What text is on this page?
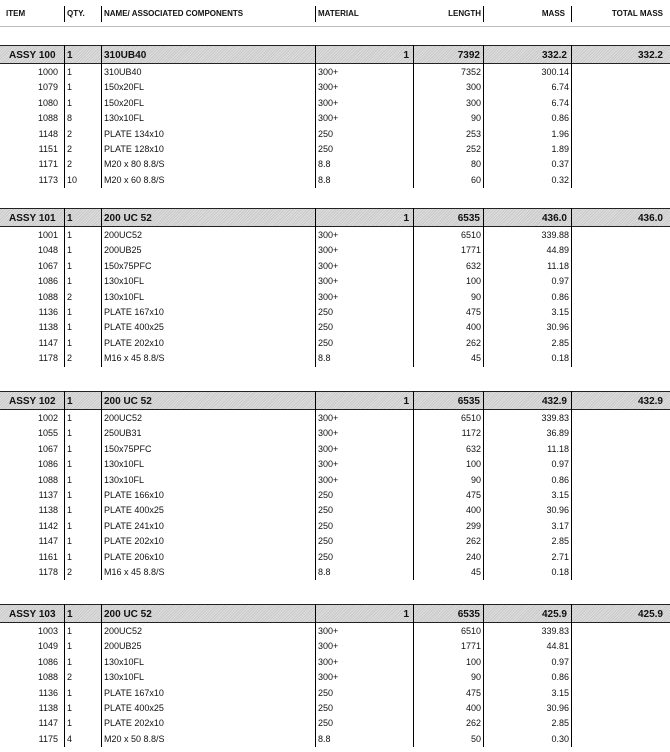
ITEM	QTY.	NAME/ ASSOCIATED COMPONENTS	MATERIAL	LENGTH	MASS	TOTAL MASS
ASSY 100	1	310UB40	1	7392	332.2	332.2
1000	1	310UB40	300+	7352	300.14
1079	1	150x20FL	300+	300	6.74
1080	1	150x20FL	300+	300	6.74
1088	8	130x10FL	300+	90	0.86
1148	2	PLATE 134x10	250	253	1.96
1151	2	PLATE 128x10	250	252	1.89
1171	2	M20 x 80 8.8/S	8.8	80	0.37
1173	10	M20 x 60 8.8/S	8.8	60	0.32
ASSY 101	1	200 UC 52	1	6535	436.0	436.0
1001	1	200UC52	300+	6510	339.88
1048	1	200UB25	300+	1771	44.89
1067	1	150x75PFC	300+	632	11.18
1086	1	130x10FL	300+	100	0.97
1088	2	130x10FL	300+	90	0.86
1136	1	PLATE 167x10	250	475	3.15
1138	1	PLATE 400x25	250	400	30.96
1147	1	PLATE 202x10	250	262	2.85
1178	2	M16 x 45 8.8/S	8.8	45	0.18
ASSY 102	1	200 UC 52	1	6535	432.9	432.9
1002	1	200UC52	300+	6510	339.83
1055	1	250UB31	300+	1172	36.89
1067	1	150x75PFC	300+	632	11.18
1086	1	130x10FL	300+	100	0.97
1088	1	130x10FL	300+	90	0.86
1137	1	PLATE 166x10	250	475	3.15
1138	1	PLATE 400x25	250	400	30.96
1142	1	PLATE 241x10	250	299	3.17
1147	1	PLATE 202x10	250	262	2.85
1161	1	PLATE 206x10	250	240	2.71
1178	2	M16 x 45 8.8/S	8.8	45	0.18
ASSY 103	1	200 UC 52	1	6535	425.9	425.9
1003	1	200UC52	300+	6510	339.83
1049	1	200UB25	300+	1771	44.81
1086	1	130x10FL	300+	100	0.97
1088	2	130x10FL	300+	90	0.86
1136	1	PLATE 167x10	250	475	3.15
1138	1	PLATE 400x25	250	400	30.96
1147	1	PLATE 202x10	250	262	2.85
1175	4	M20 x 50 8.8/S	8.8	50	0.30
